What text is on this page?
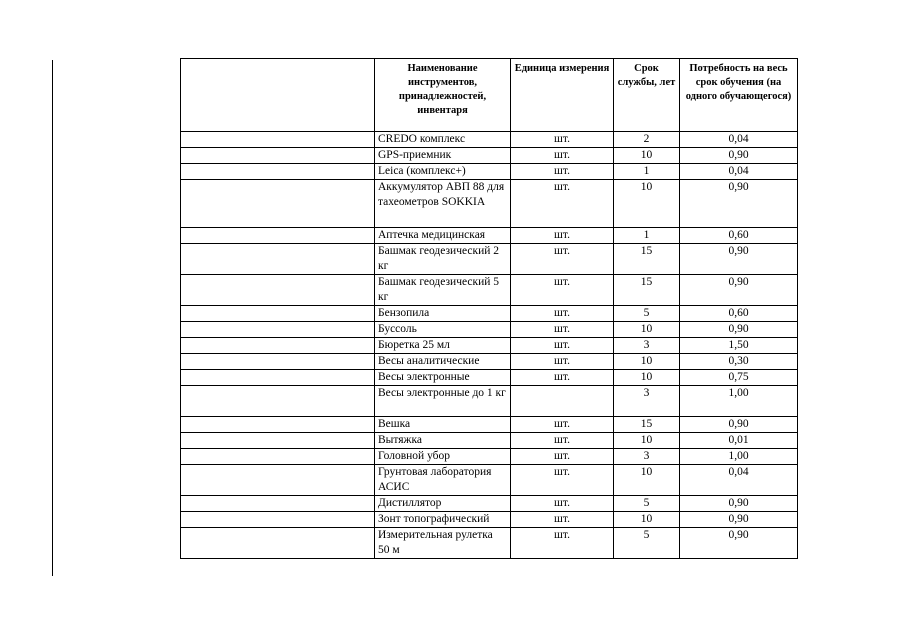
	Наименование инструментов, принадлежностей, инвентаря	Единица измерения	Срок службы, лет	Потребность на весь срок обучения (на одного обучающегося)
	CREDO комплекс	шт.	2	0,04
	GPS-приемник	шт.	10	0,90
	Leica (комплекс+)	шт.	1	0,04
	Аккумулятор АВП 88 для тахеометров SOKKIA	шт.	10	0,90
	Аптечка медицинская	шт.	1	0,60
	Башмак геодезический 2 кг	шт.	15	0,90
	Башмак геодезический 5 кг	шт.	15	0,90
	Бензопила	шт.	5	0,60
	Буссоль	шт.	10	0,90
	Бюретка 25 мл	шт.	3	1,50
	Весы аналитические	шт.	10	0,30
	Весы электронные	шт.	10	0,75
	Весы электронные до 1 кг		3	1,00
	Вешка	шт.	15	0,90
	Вытяжка	шт.	10	0,01
	Головной убор	шт.	3	1,00
	Грунтовая лаборатория АСИС	шт.	10	0,04
	Дистиллятор	шт.	5	0,90
	Зонт топографический	шт.	10	0,90
	Измерительная рулетка 50 м	шт.	5	0,90
